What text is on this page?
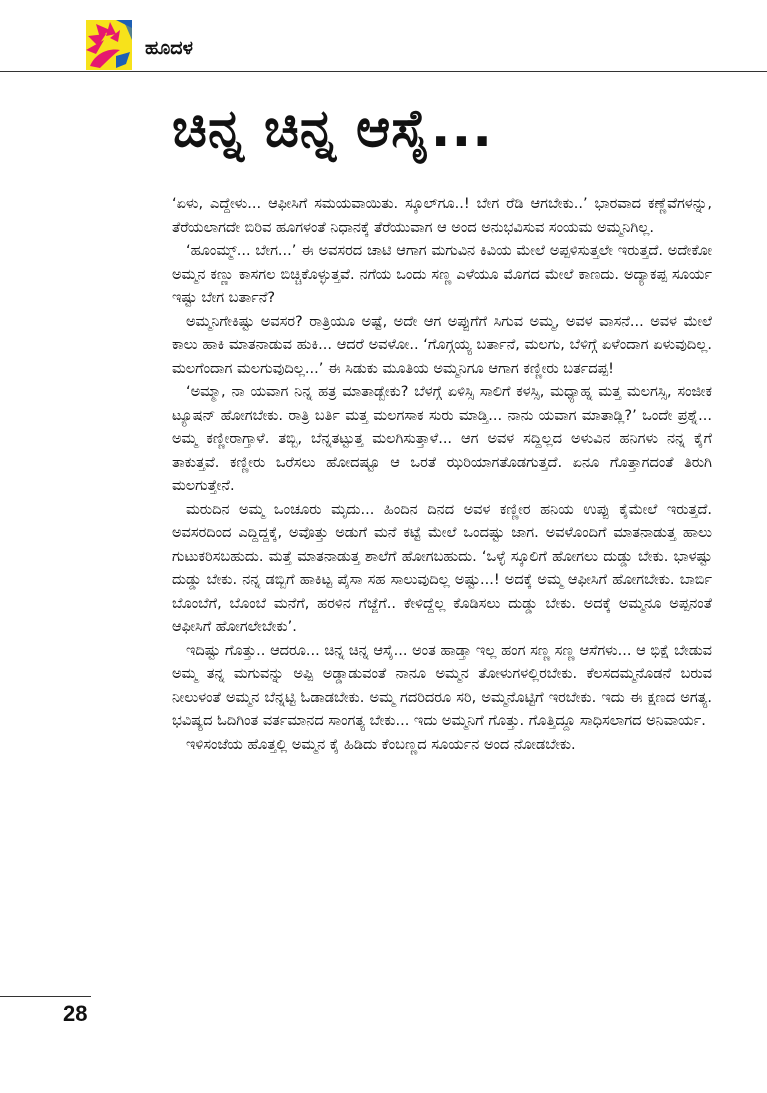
ಹೂದಳ
ಚಿನ್ನ ಚಿನ್ನ ಆಸೈ...

‘ಏಳು, ಎದ್ದೇಳು... ಆಫೀಸಿಗೆ ಸಮಯವಾಯಿತು. ಸ್ಕೂಲ್‌ಗೂ..! ಬೇಗ ರೆಡಿ ಆಗಬೇಕು..’ ಭಾರವಾದ ಕಣ್ಣೆವೆಗಳನ್ನು, ತೆರೆಯಲಾಗದೇ ಬಿರಿವ ಹೂಗಳಂತೆ ನಿಧಾನಕ್ಕೆ ತೆರೆಯುವಾಗ ಆ ಅಂದ ಅನುಭವಿಸುವ ಸಂಯಮ ಅಮ್ಮನಿಗಿಲ್ಲ.

‘ಹೂಂಮ್ಮ್... ಬೇಗ...’ ಈ ಅವಸರದ ಚಾಟಿ ಆಗಾಗ ಮಗುವಿನ ಕಿವಿಯ ಮೇಲೆ ಅಪ್ಪಳಿಸುತ್ತಲೇ ಇರುತ್ತದೆ. ಅದೇಕೋ ಅಮ್ಮನ ಕಣ್ಣು ಕಾಸಗಲ ಬಿಚ್ಚಿಕೊಳ್ಳುತ್ತವೆ. ನಗೆಯ ಒಂದು ಸಣ್ಣ ಎಳೆಯೂ ಮೊಗದ ಮೇಲೆ ಕಾಣದು. ಅದ್ಯಾಕಪ್ಪ ಸೂರ್ಯ ಇಷ್ಟು ಬೇಗ ಬರ್ತಾನೆ?

ಅಮ್ಮನಿಗೇಕಿಷ್ಟು ಅವಸರ? ರಾತ್ರಿಯೂ ಅಷ್ಟೆ, ಅದೇ ಆಗ ಅಪ್ಪುಗೆಗೆ ಸಿಗುವ ಅಮ್ಮ, ಅವಳ ವಾಸನೆ... ಅವಳ ಮೇಲೆ ಕಾಲು ಹಾಕಿ ಮಾತನಾಡುವ ಹುಕಿ... ಆದರೆ ಅವಳೋ.. ‘ಗೊಗ್ಗಯ್ಯ ಬರ್ತಾನೆ, ಮಲಗು, ಬೆಳಿಗ್ಗೆ ಏಳೆಂದಾಗ ಏಳುವುದಿಲ್ಲ. ಮಲಗೆಂದಾಗ ಮಲಗುವುದಿಲ್ಲ...’ ಈ ಸಿಡುಕು ಮೂತಿಯ ಅಮ್ಮನಿಗೂ ಆಗಾಗ ಕಣ್ಣೀರು ಬರ್ತದಪ್ಪ!

‘ಅಮ್ಮಾ, ನಾ ಯವಾಗ ನಿನ್ನ ಹತ್ರ ಮಾತಾಡ್ಬೇಕು? ಬೆಳಗ್ಗೆ ಏಳಿಸ್ಸಿ ಸಾಲಿಗೆ ಕಳಸ್ಸಿ, ಮಧ್ಯಾಹ್ನ ಮತ್ತ ಮಲಗಸ್ಸಿ, ಸಂಜೀಕ ಟ್ಯೂಷನ್ ಹೋಗಬೇಕು. ರಾತ್ರಿ ಬರ್ತಿ ಮತ್ತ ಮಲಗಸಾಕ ಸುರು ಮಾಡ್ತಿ... ನಾನು ಯವಾಗ ಮಾತಾಡ್ಲಿ?’ ಒಂದೇ ಪ್ರಶ್ನೆ... ಅಮ್ಮ ಕಣ್ಣೀರಾಗ್ತಾಳೆ. ತಬ್ಬಿ, ಬೆನ್ನತಟ್ಟುತ್ತ ಮಲಗಿಸುತ್ತಾಳೆ... ಆಗ ಅವಳ ಸದ್ದಿಲ್ಲದ ಅಳುವಿನ ಹನಿಗಳು ನನ್ನ ಕೈಗೆ ತಾಕುತ್ತವೆ. ಕಣ್ಣೀರು ಒರೆಸಲು ಹೋದಷ್ಟೂ ಆ ಒರತೆ ಝರಿಯಾಗತೊಡಗುತ್ತದೆ. ಏನೂ ಗೊತ್ತಾಗದಂತೆ ತಿರುಗಿ ಮಲಗುತ್ತೇನೆ.

ಮರುದಿನ ಅಮ್ಮ ಒಂಚೂರು ಮೃದು... ಹಿಂದಿನ ದಿನದ ಅವಳ ಕಣ್ಣೀರ ಹನಿಯ ಉಪ್ಪು ಕೈಮೇಲೆ ಇರುತ್ತದೆ. ಅವಸರದಿಂದ ಎದ್ದಿದ್ದಕ್ಕೆ, ಅವೊತ್ತು ಅಡುಗೆ ಮನೆ ಕಟ್ಟೆ ಮೇಲೆ ಒಂದಷ್ಟು ಜಾಗ. ಅವಳೊಂದಿಗೆ ಮಾತನಾಡುತ್ತ ಹಾಲು ಗುಟುಕರಿಸಬಹುದು. ಮತ್ತೆ ಮಾತನಾಡುತ್ತ ಶಾಲೆಗೆ ಹೋಗಬಹುದು. ‘ಒಳ್ಳೆ ಸ್ಕೂಲಿಗೆ ಹೋಗಲು ದುಡ್ಡು ಬೇಕು. ಭಾಳಷ್ಟು ದುಡ್ಡು ಬೇಕು. ನನ್ನ ಡಬ್ಬಿಗೆ ಹಾಕಿಟ್ಟ ಪೈಸಾ ಸಹ ಸಾಲುವುದಿಲ್ಲ ಅಷ್ಟು...! ಅದಕ್ಕೆ ಅಮ್ಮ ಆಫೀಸಿಗೆ ಹೋಗಬೇಕು. ಬಾರ್ಬಿ ಬೊಂಬೆಗೆ, ಬೊಂಬೆ ಮನೆಗೆ, ಹರಳಿನ ಗೆಜ್ಜೆಗೆ.. ಕೇಳಿದ್ದೆಲ್ಲ ಕೊಡಿಸಲು ದುಡ್ಡು ಬೇಕು. ಅದಕ್ಕೆ ಅಮ್ಮನೂ ಅಪ್ಪನಂತೆ ಆಫೀಸಿಗೆ ಹೋಗಲೇಬೇಕು’.

ಇದಿಷ್ಟು ಗೊತ್ತು.. ಆದರೂ... ಚಿನ್ನ ಚಿನ್ನ ಆಸೈ... ಅಂತ ಹಾಡ್ತಾ ಇಲ್ಲ ಹಂಗ ಸಣ್ಣ ಸಣ್ಣ ಆಸೆಗಳು... ಆ ಭಿಕ್ಷೆ ಬೇಡುವ ಅಮ್ಮ ತನ್ನ ಮಗುವನ್ನು ಅಪ್ಪಿ ಅಡ್ಡಾಡುವಂತೆ ನಾನೂ ಅಮ್ಮನ ತೋಳುಗಳಲ್ಲಿರಬೇಕು. ಕೆಲಸದಮ್ಮನೊಡನೆ ಬರುವ ನೀಲುಳಂತೆ ಅಮ್ಮನ ಬೆನ್ನಟ್ಟಿ ಓಡಾಡಬೇಕು. ಅಮ್ಮ ಗದರಿದರೂ ಸರಿ, ಅಮ್ಮನೊಟ್ಟಿಗೆ ಇರಬೇಕು. ಇದು ಈ ಕ್ಷಣದ ಅಗತ್ಯ. ಭವಿಷ್ಯದ ಓದಿಗಿಂತ ವರ್ತಮಾನದ ಸಾಂಗತ್ಯ ಬೇಕು... ಇದು ಅಮ್ಮನಿಗೆ ಗೊತ್ತು. ಗೊತ್ತಿದ್ದೂ ಸಾಧಿಸಲಾಗದ ಅನಿವಾರ್ಯ.

ಇಳಿಸಂಜೆಯ ಹೊತ್ತಲ್ಲಿ ಅಮ್ಮನ ಕೈ ಹಿಡಿದು ಕೆಂಬಣ್ಣದ ಸೂರ್ಯನ ಅಂದ ನೋಡಬೇಕು.

28
